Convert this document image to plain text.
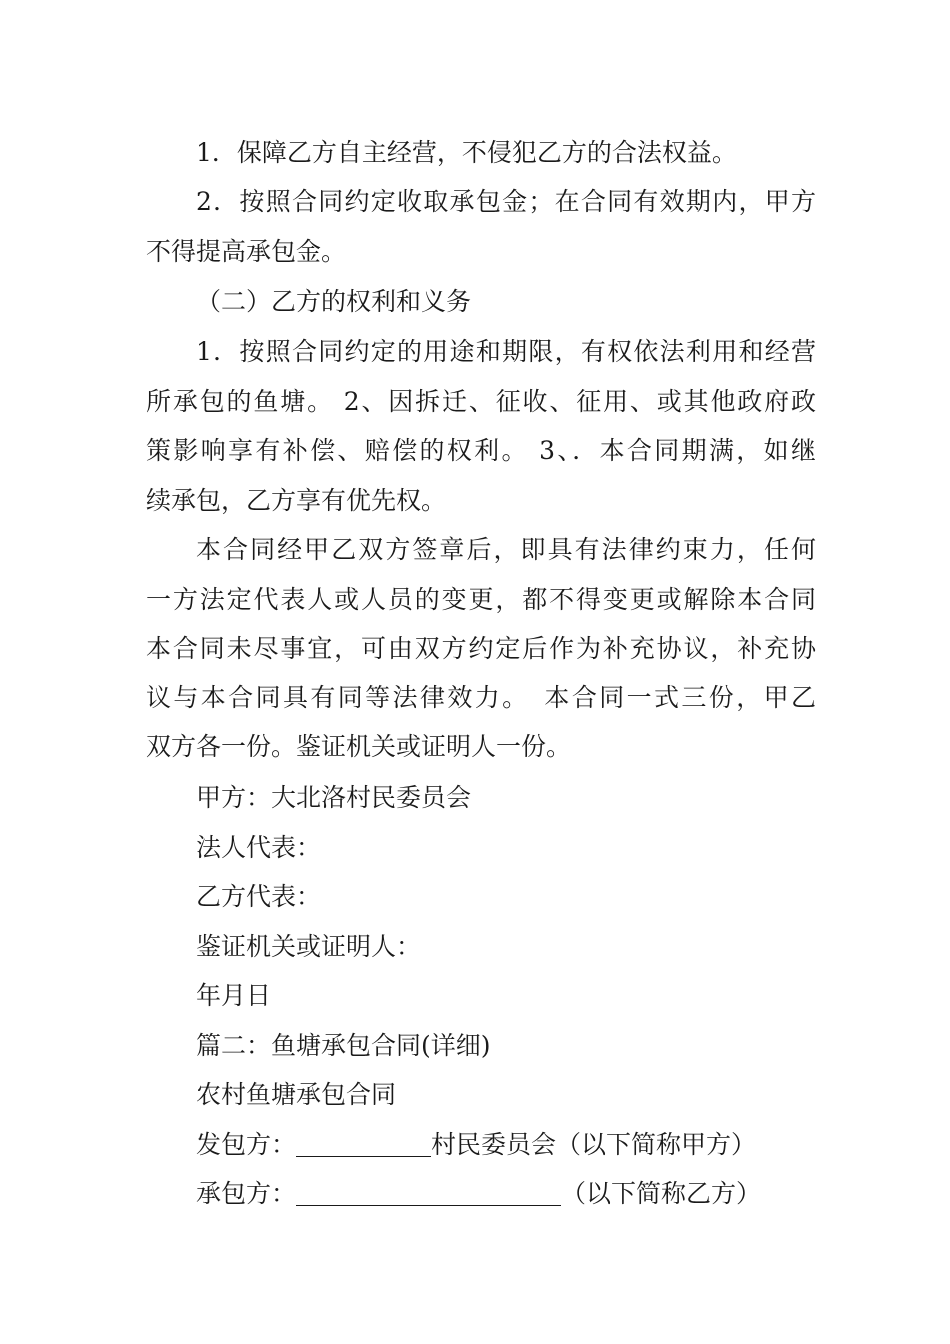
1．保障乙方自主经营，不侵犯乙方的合法权益。
2．按照合同约定收取承包金；在合同有效期内，甲方
不得提高承包金。
（二）乙方的权利和义务
1．按照合同约定的用途和期限，有权依法利用和经营
所承包的鱼塘。 2、因拆迁、征收、征用、或其他政府政
策影响享有补偿、赔偿的权利。 3、．本合同期满，如继
续承包，乙方享有优先权。
本合同经甲乙双方签章后，即具有法律约束力，任何
一方法定代表人或人员的变更，都不得变更或解除本合同
本合同未尽事宜，可由双方约定后作为补充协议，补充协
议与本合同具有同等法律效力。　本合同一式三份，甲乙
双方各一份。鉴证机关或证明人一份。
甲方：大北洛村民委员会
法人代表：
乙方代表：
鉴证机关或证明人：
年月日
篇二：鱼塘承包合同(详细)
农村鱼塘承包合同
发包方：	村民委员会（以下简称甲方）
承包方：	（以下简称乙方）
